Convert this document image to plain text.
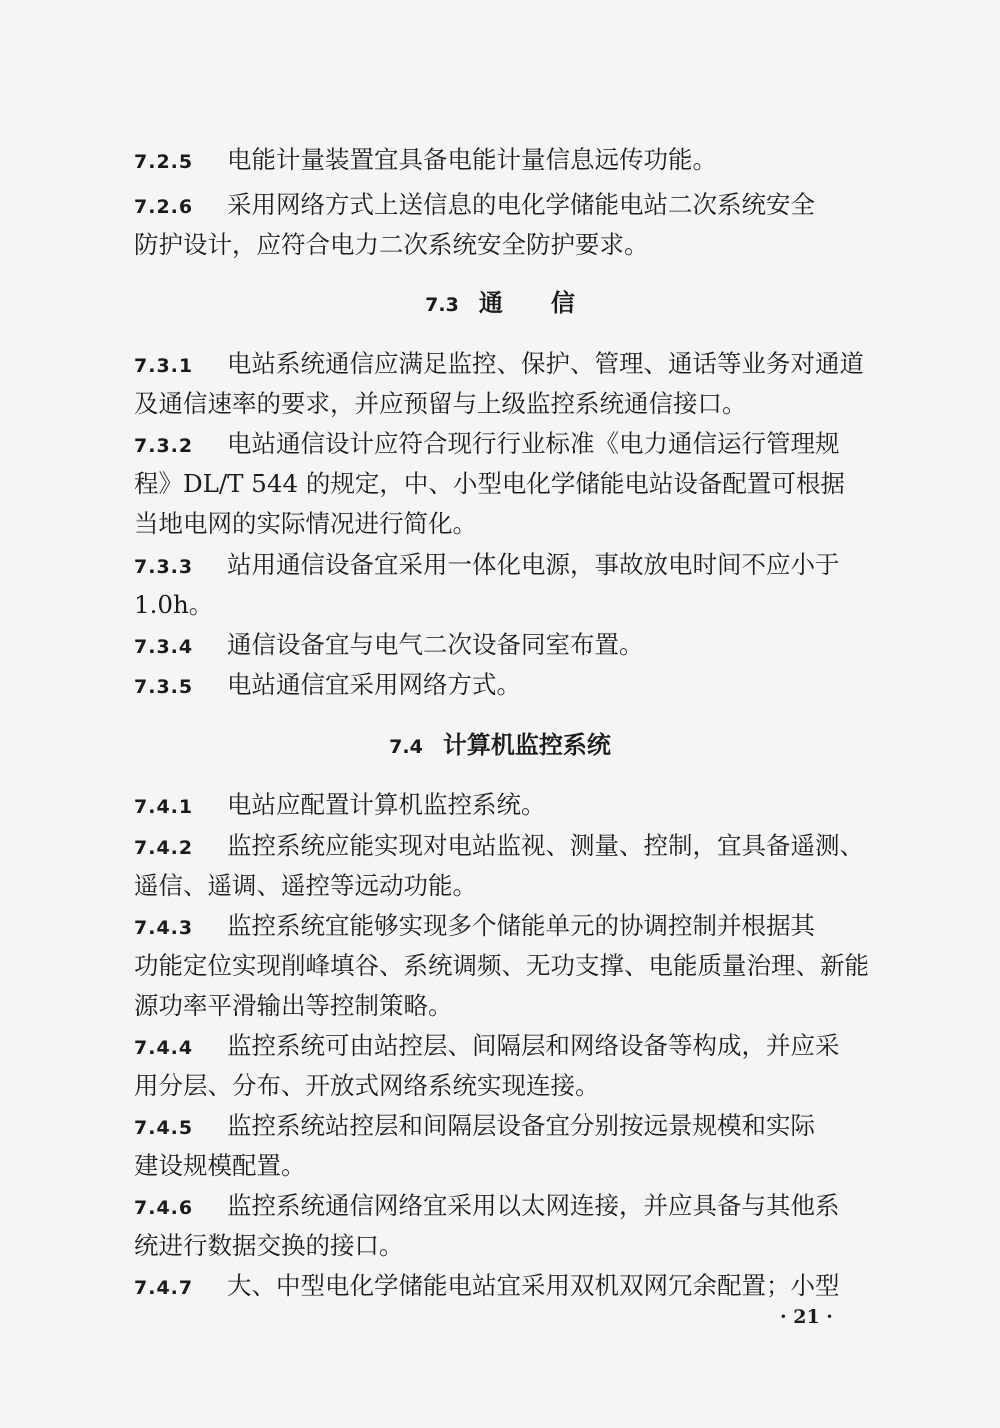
7.2.5 电能计量装置宜具备电能计量信息远传功能。
7.2.6 采用网络方式上送信息的电化学储能电站二次系统安全
防护设计，应符合电力二次系统安全防护要求。
7.3 通　　信
7.3.1 电站系统通信应满足监控、保护、管理、通话等业务对通道
及通信速率的要求，并应预留与上级监控系统通信接口。
7.3.2 电站通信设计应符合现行行业标准《电力通信运行管理规
程》DL/T 544 的规定，中、小型电化学储能电站设备配置可根据
当地电网的实际情况进行简化。
7.3.3 站用通信设备宜采用一体化电源，事故放电时间不应小于
1.0h。
7.3.4 通信设备宜与电气二次设备同室布置。
7.3.5 电站通信宜采用网络方式。
7.4 计算机监控系统
7.4.1 电站应配置计算机监控系统。
7.4.2 监控系统应能实现对电站监视、测量、控制，宜具备遥测、
遥信、遥调、遥控等远动功能。
7.4.3 监控系统宜能够实现多个储能单元的协调控制并根据其
功能定位实现削峰填谷、系统调频、无功支撑、电能质量治理、新能
源功率平滑输出等控制策略。
7.4.4 监控系统可由站控层、间隔层和网络设备等构成，并应采
用分层、分布、开放式网络系统实现连接。
7.4.5 监控系统站控层和间隔层设备宜分别按远景规模和实际
建设规模配置。
7.4.6 监控系统通信网络宜采用以太网连接，并应具备与其他系
统进行数据交换的接口。
7.4.7 大、中型电化学储能电站宜采用双机双网冗余配置；小型
· 21 ·
